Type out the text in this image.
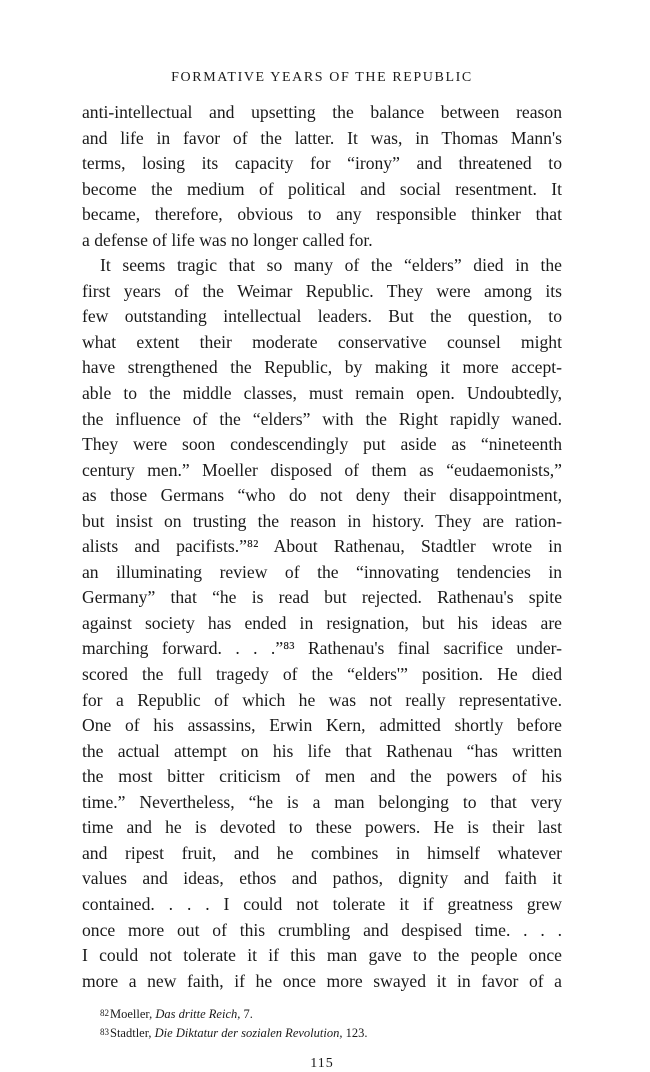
FORMATIVE YEARS OF THE REPUBLIC
anti-intellectual and upsetting the balance between reason
and life in favor of the latter. It was, in Thomas Mann's
terms, losing its capacity for “irony” and threatened to
become the medium of political and social resentment. It
became, therefore, obvious to any responsible thinker that
a defense of life was no longer called for.
It seems tragic that so many of the “elders” died in the
first years of the Weimar Republic. They were among its
few outstanding intellectual leaders. But the question, to
what extent their moderate conservative counsel might
have strengthened the Republic, by making it more accept-
able to the middle classes, must remain open. Undoubtedly,
the influence of the “elders” with the Right rapidly waned.
They were soon condescendingly put aside as “nineteenth
century men.” Moeller disposed of them as “eudaemonists,”
as those Germans “who do not deny their disappointment,
but insist on trusting the reason in history. They are ration-
alists and pacifists.”⁸² About Rathenau, Stadtler wrote in
an illuminating review of the “innovating tendencies in
Germany” that “he is read but rejected. Rathenau's spite
against society has ended in resignation, but his ideas are
marching forward. . . .”⁸³ Rathenau's final sacrifice under-
scored the full tragedy of the “elders'” position. He died
for a Republic of which he was not really representative.
One of his assassins, Erwin Kern, admitted shortly before
the actual attempt on his life that Rathenau “has written
the most bitter criticism of men and the powers of his
time.” Nevertheless, “he is a man belonging to that very
time and he is devoted to these powers. He is their last
and ripest fruit, and he combines in himself whatever
values and ideas, ethos and pathos, dignity and faith it
contained. . . . I could not tolerate it if greatness grew
once more out of this crumbling and despised time. . . .
I could not tolerate it if this man gave to the people once
more a new faith, if he once more swayed it in favor of a
$^{82}$Moeller, Das dritte Reich, 7.
$^{83}$Stadtler, Die Diktatur der sozialen Revolution, 123.
115
